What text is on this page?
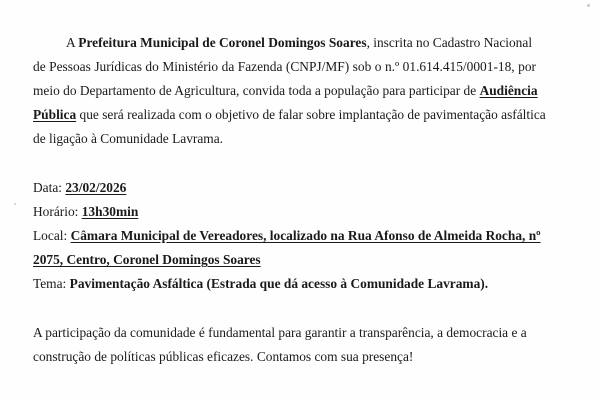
A Prefeitura Municipal de Coronel Domingos Soares, inscrita no Cadastro Nacional
de Pessoas Jurídicas do Ministério da Fazenda (CNPJ/MF) sob o n.º 01.614.415/0001-18, por
meio do Departamento de Agricultura, convida toda a população para participar de Audiência
Pública que será realizada com o objetivo de falar sobre implantação de pavimentação asfáltica
de ligação à Comunidade Lavrama.
Data: 23/02/2026
Horário: 13h30min
Local: Câmara Municipal de Vereadores, localizado na Rua Afonso de Almeida Rocha, nº
2075, Centro, Coronel Domingos Soares
Tema: Pavimentação Asfáltica (Estrada que dá acesso à Comunidade Lavrama).
A participação da comunidade é fundamental para garantir a transparência, a democracia e a
construção de políticas públicas eficazes. Contamos com sua presença!
